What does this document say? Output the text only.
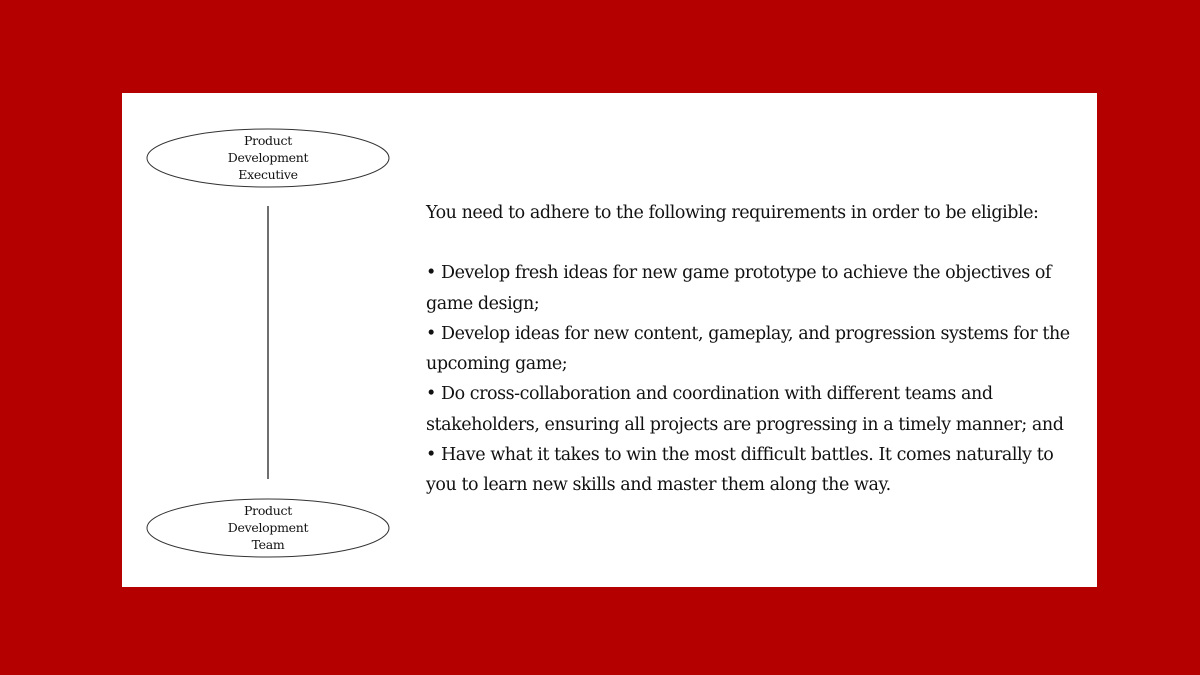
Product
Development
Executive
Product
Development
Team

You need to adhere to the following requirements in order to be eligible:

• Develop fresh ideas for new game prototype to achieve the objectives of game design;
• Develop ideas for new content, gameplay, and progression systems for the upcoming game;
• Do cross-collaboration and coordination with different teams and stakeholders, ensuring all projects are progressing in a timely manner; and
• Have what it takes to win the most difficult battles. It comes naturally to you to learn new skills and master them along the way.
